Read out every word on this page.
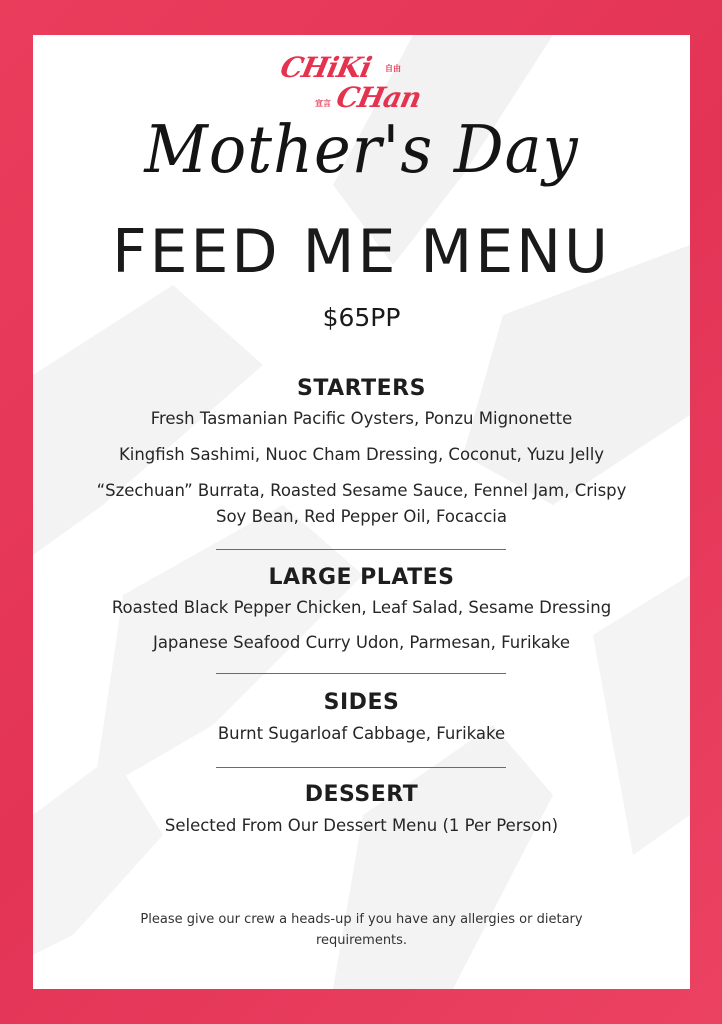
CHiKi 自由
宣言 CHan
Mother's Day
FEED ME MENU
$65PP
STARTERS
Fresh Tasmanian Pacific Oysters, Ponzu Mignonette
Kingfish Sashimi, Nuoc Cham Dressing, Coconut, Yuzu Jelly
“Szechuan” Burrata, Roasted Sesame Sauce, Fennel Jam, Crispy
Soy Bean, Red Pepper Oil, Focaccia
LARGE PLATES
Roasted Black Pepper Chicken, Leaf Salad, Sesame Dressing
Japanese Seafood Curry Udon, Parmesan, Furikake
SIDES
Burnt Sugarloaf Cabbage, Furikake
DESSERT
Selected From Our Dessert Menu (1 Per Person)
Please give our crew a heads-up if you have any allergies or dietary
requirements.
